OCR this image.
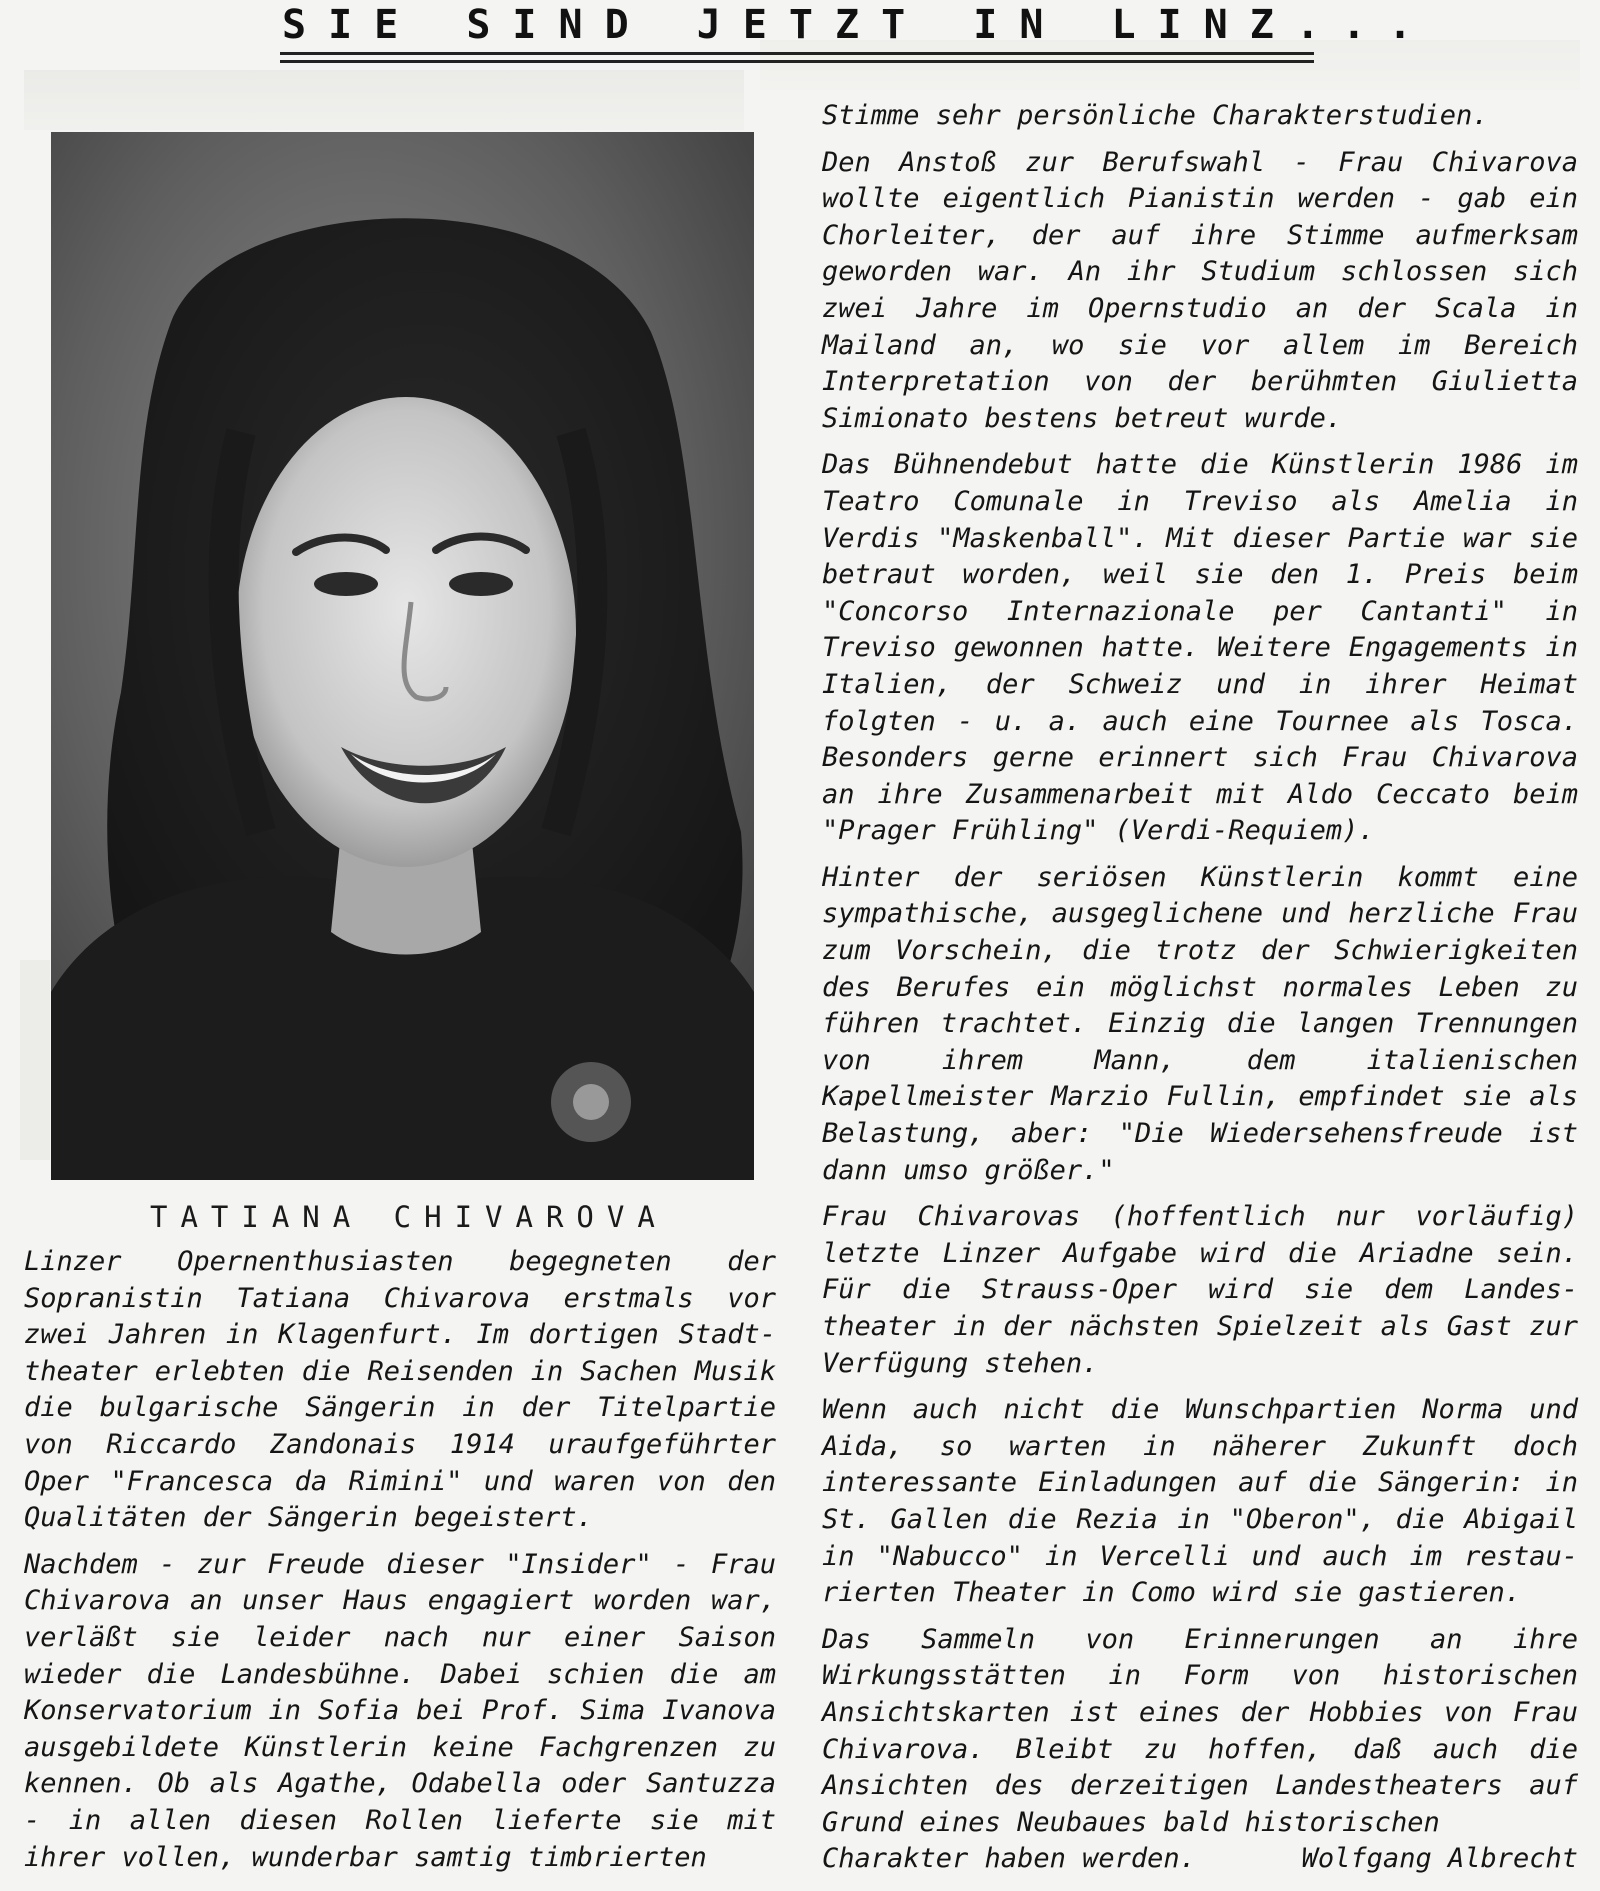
SIE SIND JETZT IN LINZ...
TATIANA CHIVAROVA

Linzer Opernenthusiasten begegneten der Sopranistin Tatiana Chivarova erstmals vor zwei Jahren in Klagenfurt. Im dortigen Stadttheater erlebten die Reisenden in Sachen Musik die bulgarische Sängerin in der Titelpartie von Riccardo Zandonais 1914 uraufgeführter Oper "Francesca da Rimini" und waren von den Qualitäten der Sängerin begeistert.

Nachdem - zur Freude dieser "Insider" - Frau Chivarova an unser Haus engagiert worden war, verläßt sie leider nach nur einer Saison wieder die Landesbühne. Dabei schien die am Konservatorium in Sofia bei Prof. Sima Ivanova ausgebildete Künstlerin keine Fachgrenzen zu kennen. Ob als Agathe, Odabella oder Santuzza - in allen diesen Rollen lieferte sie mit ihrer vollen, wunderbar samtig timbrierten

Stimme sehr persönliche Charakterstudien.

Den Anstoß zur Berufswahl - Frau Chivarova wollte eigentlich Pianistin werden - gab ein Chorleiter, der auf ihre Stimme aufmerksam geworden war. An ihr Studium schlossen sich zwei Jahre im Opernstudio an der Scala in Mailand an, wo sie vor allem im Bereich Interpretation von der berühmten Giulietta Simionato bestens betreut wurde.

Das Bühnendebut hatte die Künstlerin 1986 im Teatro Comunale in Treviso als Amelia in Verdis "Maskenball". Mit dieser Partie war sie betraut worden, weil sie den 1. Preis beim "Concorso Internazionale per Cantanti" in Treviso gewonnen hatte. Weitere Engagements in Italien, der Schweiz und in ihrer Heimat folgten - u. a. auch eine Tournee als Tosca. Besonders gerne erinnert sich Frau Chivarova an ihre Zusammenarbeit mit Aldo Ceccato beim "Prager Frühling" (Verdi-Requiem).

Hinter der seriösen Künstlerin kommt eine sympathische, ausgeglichene und herzliche Frau zum Vorschein, die trotz der Schwierigkeiten des Berufes ein möglichst normales Leben zu führen trachtet. Einzig die langen Trennungen von ihrem Mann, dem italienischen Kapellmeister Marzio Fullin, empfindet sie als Belastung, aber: "Die Wiedersehensfreude ist dann umso größer."

Frau Chivarovas (hoffentlich nur vorläufig) letzte Linzer Aufgabe wird die Ariadne sein. Für die Strauss-Oper wird sie dem Landestheater in der nächsten Spielzeit als Gast zur Verfügung stehen.

Wenn auch nicht die Wunschpartien Norma und Aida, so warten in näherer Zukunft doch interessante Einladungen auf die Sängerin: in St. Gallen die Rezia in "Oberon", die Abigail in "Nabucco" in Vercelli und auch im restaurierten Theater in Como wird sie gastieren.

Das Sammeln von Erinnerungen an ihre Wirkungsstätten in Form von historischen Ansichtskarten ist eines der Hobbies von Frau Chivarova. Bleibt zu hoffen, daß auch die Ansichten des derzeitigen Landestheaters auf Grund eines Neubaues bald historischen

Charakter haben werden.	Wolfgang Albrecht
